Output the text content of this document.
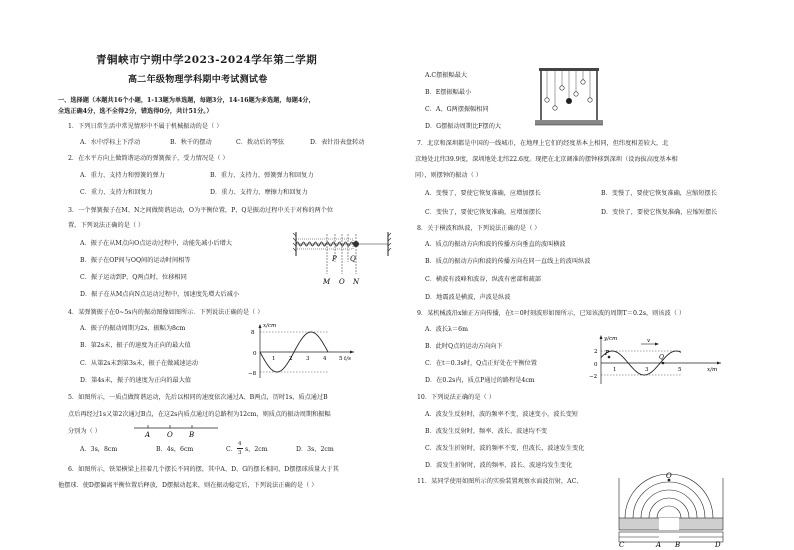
青铜峡市宁朔中学2023-2024学年第二学期
高二年级物理学科期中考试测试卷
一、选择题（本题共16个小题，1-13题为单选题，每题3分，14-16题为多选题，每题4分，
全选正确4分，选不全得2分，错选得0分，共计51分。）
1．下列日常生活中常见情形中不属于机械振动的是（ ）
A．水中浮标上下浮动	B．秋千的摆动	C．拨动后的琴弦	D．表针沿表盘转动
2．在水平方向上做简谐运动的弹簧振子，受力情况是（ ）
A．重力、支持力和弹簧的弹力	B．重力、支持力、弹簧弹力和回复力
C．重力、支持力和回复力	D．重力、支持力、摩擦力和回复力
3．一个弹簧振子在M、N之间做简谐运动，O为平衡位置，P、Q是振动过程中关于对称的两个位
置，下列说法正确的是（ ）
A．振子在从M点向O点运动过程中，动能先减小后增大
B．振子在OP间与OQ间的运动时间相等
C．振子运动到P、Q两点时，位移相同
D．振子在从M点向N点运动过程中，加速度先增大后减小
P Q
M O N
4．某弹簧振子在0~5s内的振动图像如图所示．下列说法正确的是（ ）
A．振子的振动周期为2s，振幅为8cm
B．第2s末，振子的速度为正向的最大值
C．从第2s末到第3s末，振子在做减速运动
D．第4s末，振子的速度为正向的最大值
x/cm
t/s
8
0
−8
1 2 3 4 5
5．如图所示，一质点做简谐运动，先后以相同的速度依次通过A、B两点，历时1s，质点通过B
点后再经过1s又第2次通过B点，在这2s内质点通过的总路程为12cm，则质点的振动周期和振幅
分别为（ ）	A O B
A．3s，8cm	B．4s，6cm	C．
4
3 s，2cm	D．3s，2cm
6．如图所示，铁架横梁上挂着几个摆长不同的摆，其中A、D、G的摆长相同，D摆摆球质量大于其
他摆球．使D摆偏离平衡位置后释放，D摆振动起来，则在振动稳定后，下列说法正确的是（ ）
A.C摆振幅最大
B．E摆振幅最小
C．A、G两摆振幅相同
D．G摆振动周期比F摆的大
7．北京和深圳都是中国的一线城市，在地理上它们的经度基本上相同，但纬度相差较大，北
京地处北纬39.9度，深圳地处北纬22.6度。现把在北京调准的摆钟移到深圳（设海拔高度基本相
同），则摆钟的振动（ ）
A．变慢了，要使它恢复准确，应增加摆长	B．变慢了，要使它恢复准确，应缩短摆长
C．变快了，要使它恢复准确，应增加摆长	D．变快了，要使它恢复准确，应缩短摆长
8．关于横波和纵波，下列说法正确的是（ ）
A．质点的振动方向和波的传播方向垂直的波叫横波
B．质点的振动方向和波的传播方向在同一直线上的波叫纵波
C．横波有波峰和波谷，纵波有密部和疏部
D．地震波是横波，声波是纵波
9．某机械波沿x轴正方向传播，在t＝0时刻波形如图所示，已知该波的周期T＝0.2s，则该波（ ）
A．波长λ＝6m
B．此时Q点的运动方向向下
C．在t＝0.3s时，Q点正好处在平衡位置
D．在0.2s内，质点P通过的路程是4cm
v
P
Q
y/cm
x/m
2
0
−2
1	3	5
10．下列说法正确的是（ ）
A．波发生反射时，波的频率不变，波速变小，波长变短
B．波发生反射时，频率、波长、波速均不变
C．波发生折射时，波的频率不变，但波长、波速发生变化
D．波发生折射时，波的频率、波长、波速均发生变化
11．某同学使用如图所示的实验装置观察水面波衍射，AC、
O
C	A B	D
